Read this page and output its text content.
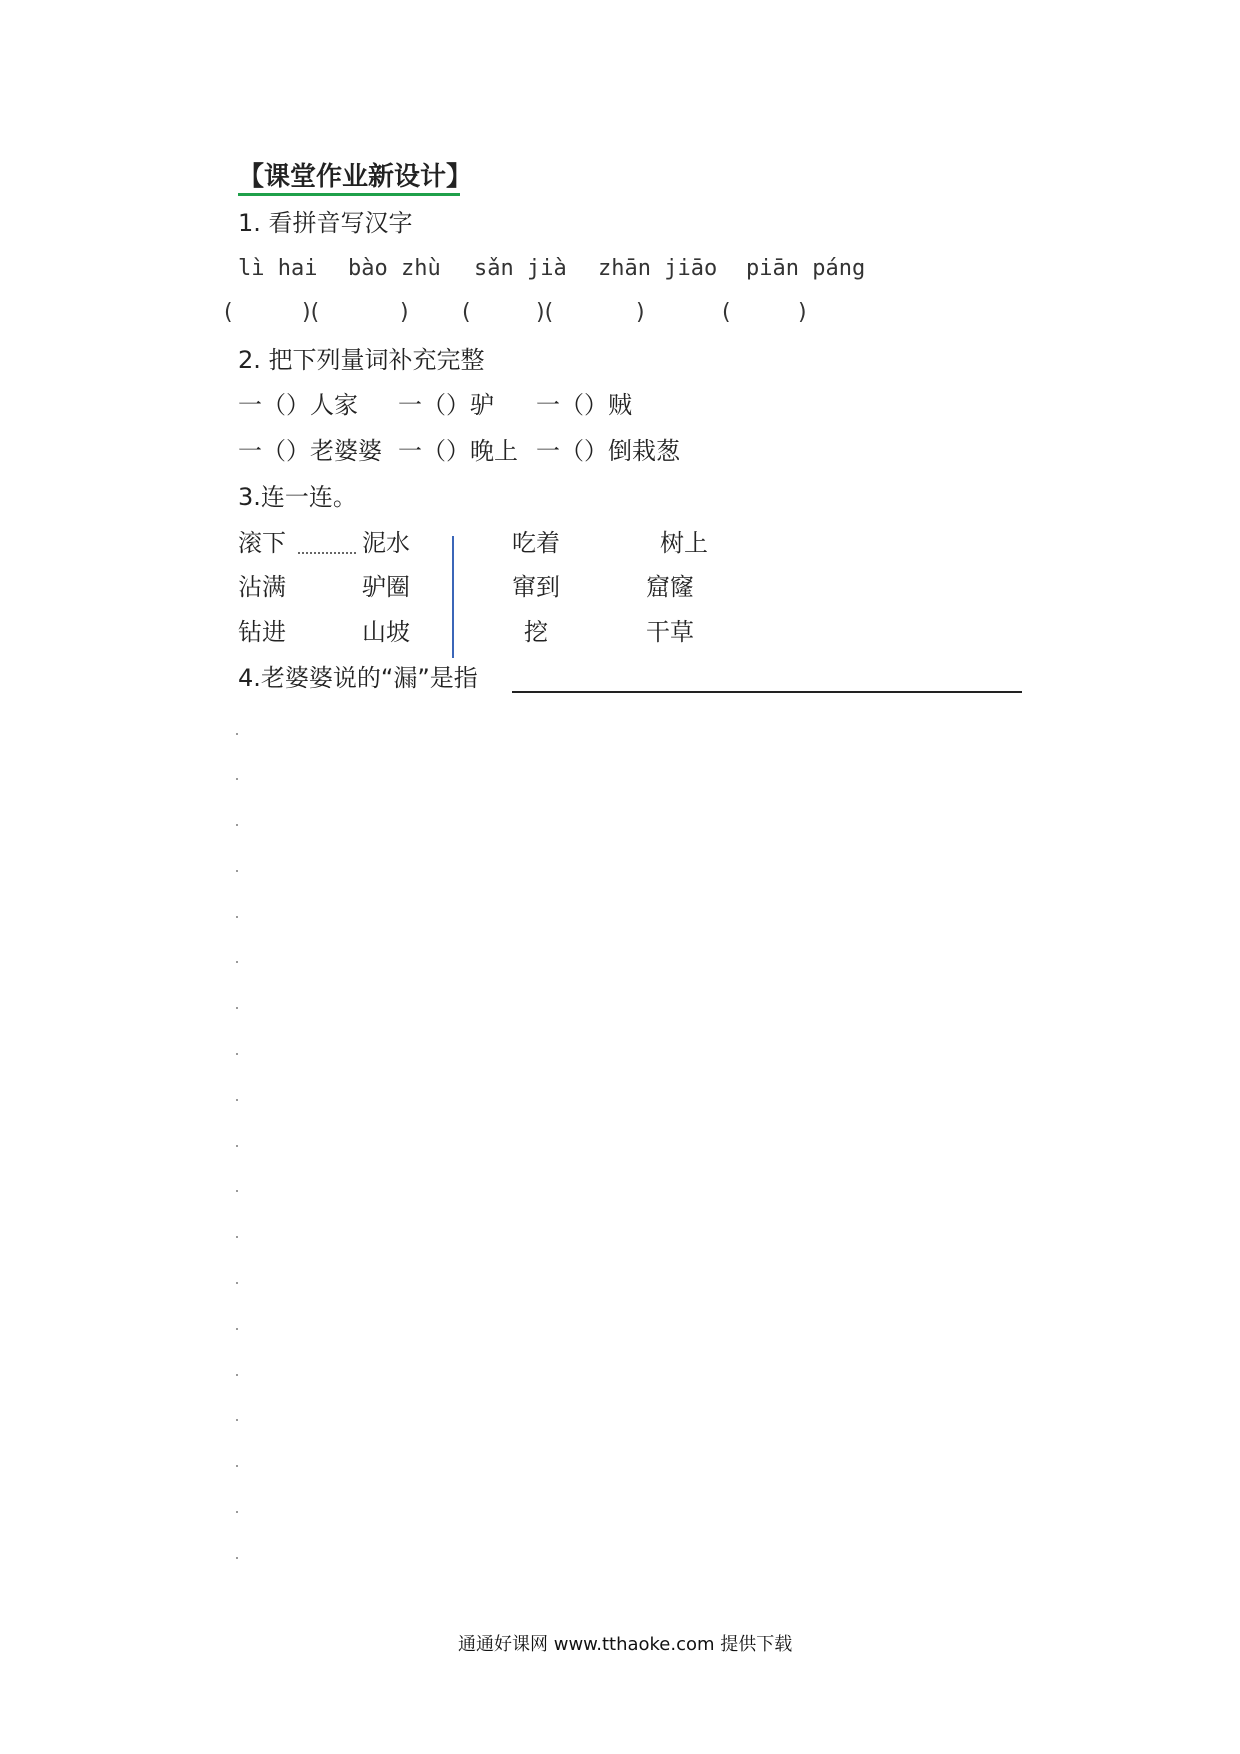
【课堂作业新设计】
1. 看拼音写汉字
lì hai bào zhù sǎn jià zhān jiāo piān páng
(	)(	) (	)(	)	(	)
2. 把下列量词补充完整
一（）人家 一（）驴 一（）贼
一（）老婆婆 一（）晚上 一（）倒栽葱
3.连一连。
滚下	泥水
沾满	驴圈
钻进	山坡
吃着	树上
窜到	窟窿
挖	干草
4.老婆婆说的“漏”是指
通通好课网 www.tthaoke.com 提供下载
